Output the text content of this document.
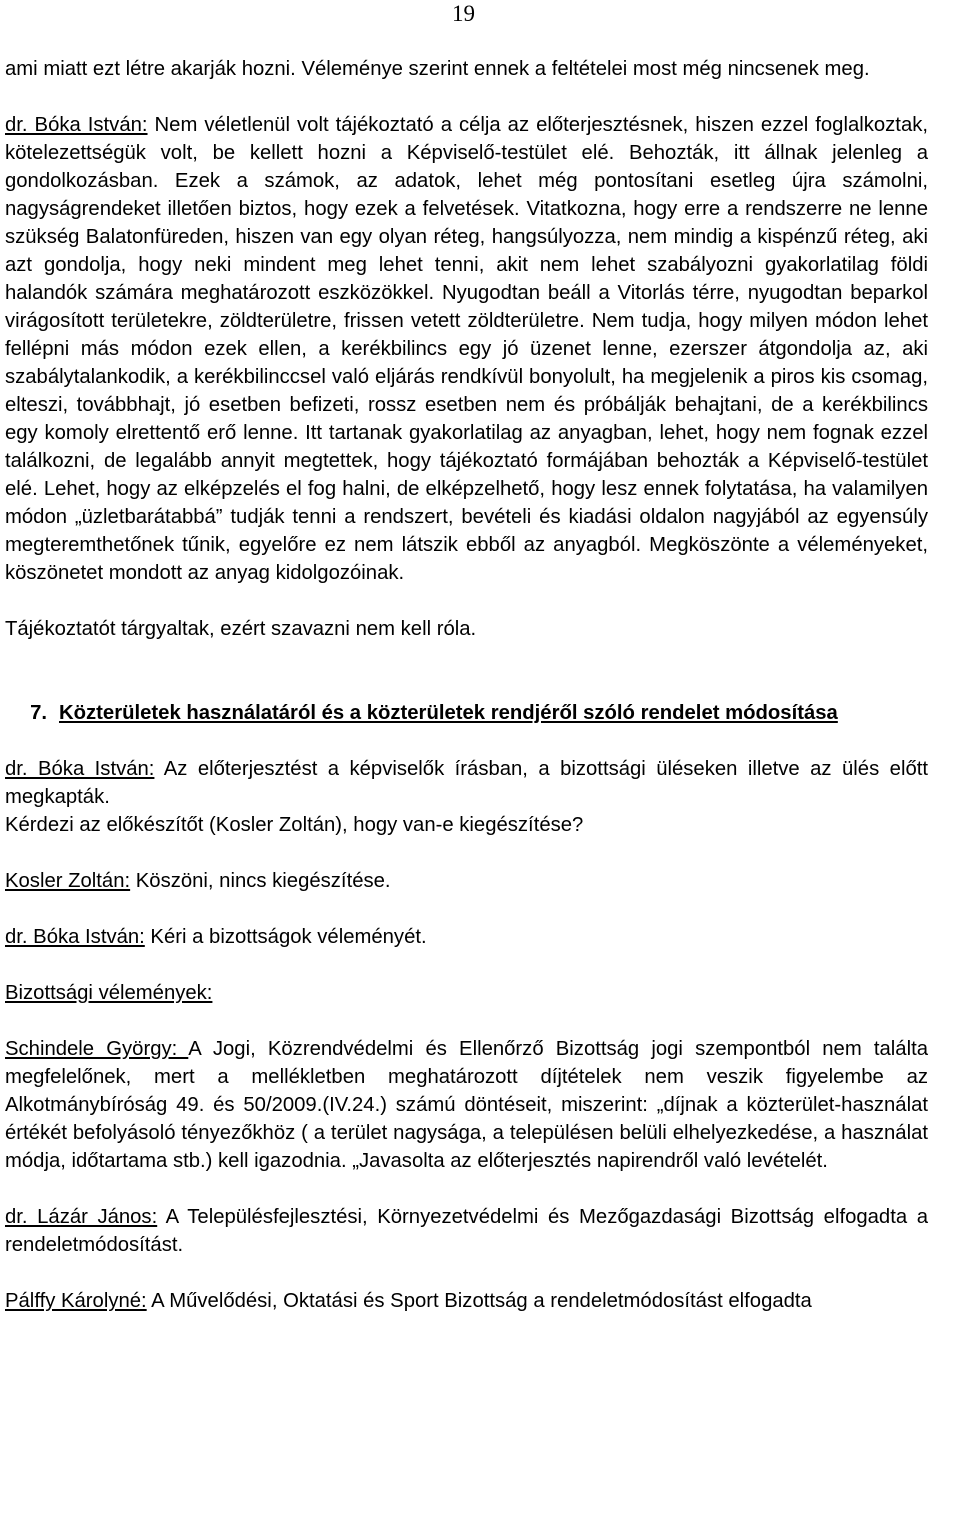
19

ami miatt ezt létre akarják hozni. Véleménye szerint ennek a feltételei most még nincsenek meg.

dr. Bóka István: Nem véletlenül volt tájékoztató a célja az előterjesztésnek, hiszen ezzel foglalkoztak, kötelezettségük volt, be kellett hozni a Képviselő-testület elé. Behozták, itt állnak jelenleg a gondolkozásban. Ezek a számok, az adatok, lehet még pontosítani esetleg újra számolni, nagyságrendeket illetően biztos, hogy ezek a felvetések. Vitatkozna, hogy erre a rendszerre ne lenne szükség Balatonfüreden, hiszen van egy olyan réteg, hangsúlyozza, nem mindig a kispénzű réteg, aki azt gondolja, hogy neki mindent meg lehet tenni, akit nem lehet szabályozni gyakorlatilag földi halandók számára meghatározott eszközökkel. Nyugodtan beáll a Vitorlás térre, nyugodtan beparkol virágosított területekre, zöldterületre, frissen vetett zöldterületre. Nem tudja, hogy milyen módon lehet fellépni más módon ezek ellen, a kerékbilincs egy jó üzenet lenne, ezerszer átgondolja az, aki szabálytalankodik, a kerékbilinccsel való eljárás rendkívül bonyolult, ha megjelenik a piros kis csomag, elteszi, továbbhajt, jó esetben befizeti, rossz esetben nem és próbálják behajtani, de a kerékbilincs egy komoly elrettentő erő lenne. Itt tartanak gyakorlatilag az anyagban, lehet, hogy nem fognak ezzel találkozni, de legalább annyit megtettek, hogy tájékoztató formájában behozták a Képviselő-testület elé. Lehet, hogy az elképzelés el fog halni, de elképzelhető, hogy lesz ennek folytatása, ha valamilyen módon „üzletbarátabbá” tudják tenni a rendszert, bevételi és kiadási oldalon nagyjából az egyensúly megteremthetőnek tűnik, egyelőre ez nem látszik ebből az anyagból. Megköszönte a véleményeket, köszönetet mondott az anyag kidolgozóinak.

Tájékoztatót tárgyaltak, ezért szavazni nem kell róla.

7. Közterületek használatáról és a közterületek rendjéről szóló rendelet módosítása

dr. Bóka István: Az előterjesztést a képviselők írásban, a bizottsági üléseken illetve az ülés előtt megkapták.

Kérdezi az előkészítőt (Kosler Zoltán), hogy van-e kiegészítése?

Kosler Zoltán: Köszöni, nincs kiegészítése.

dr. Bóka István: Kéri a bizottságok véleményét.

Bizottsági vélemények:

Schindele György: A Jogi, Közrendvédelmi és Ellenőrző Bizottság jogi szempontból nem találta megfelelőnek, mert a mellékletben meghatározott díjtételek nem veszik figyelembe az Alkotmánybíróság 49. és 50/2009.(IV.24.) számú döntéseit, miszerint: „díjnak a közterület-használat értékét befolyásoló tényezőkhöz ( a terület nagysága, a településen belüli elhelyezkedése, a használat módja, időtartama stb.) kell igazodnia. „Javasolta az előterjesztés napirendről való levételét.

dr. Lázár János: A Településfejlesztési, Környezetvédelmi és Mezőgazdasági Bizottság elfogadta a rendeletmódosítást.

Pálffy Károlyné: A Művelődési, Oktatási és Sport Bizottság a rendeletmódosítást elfogadta
